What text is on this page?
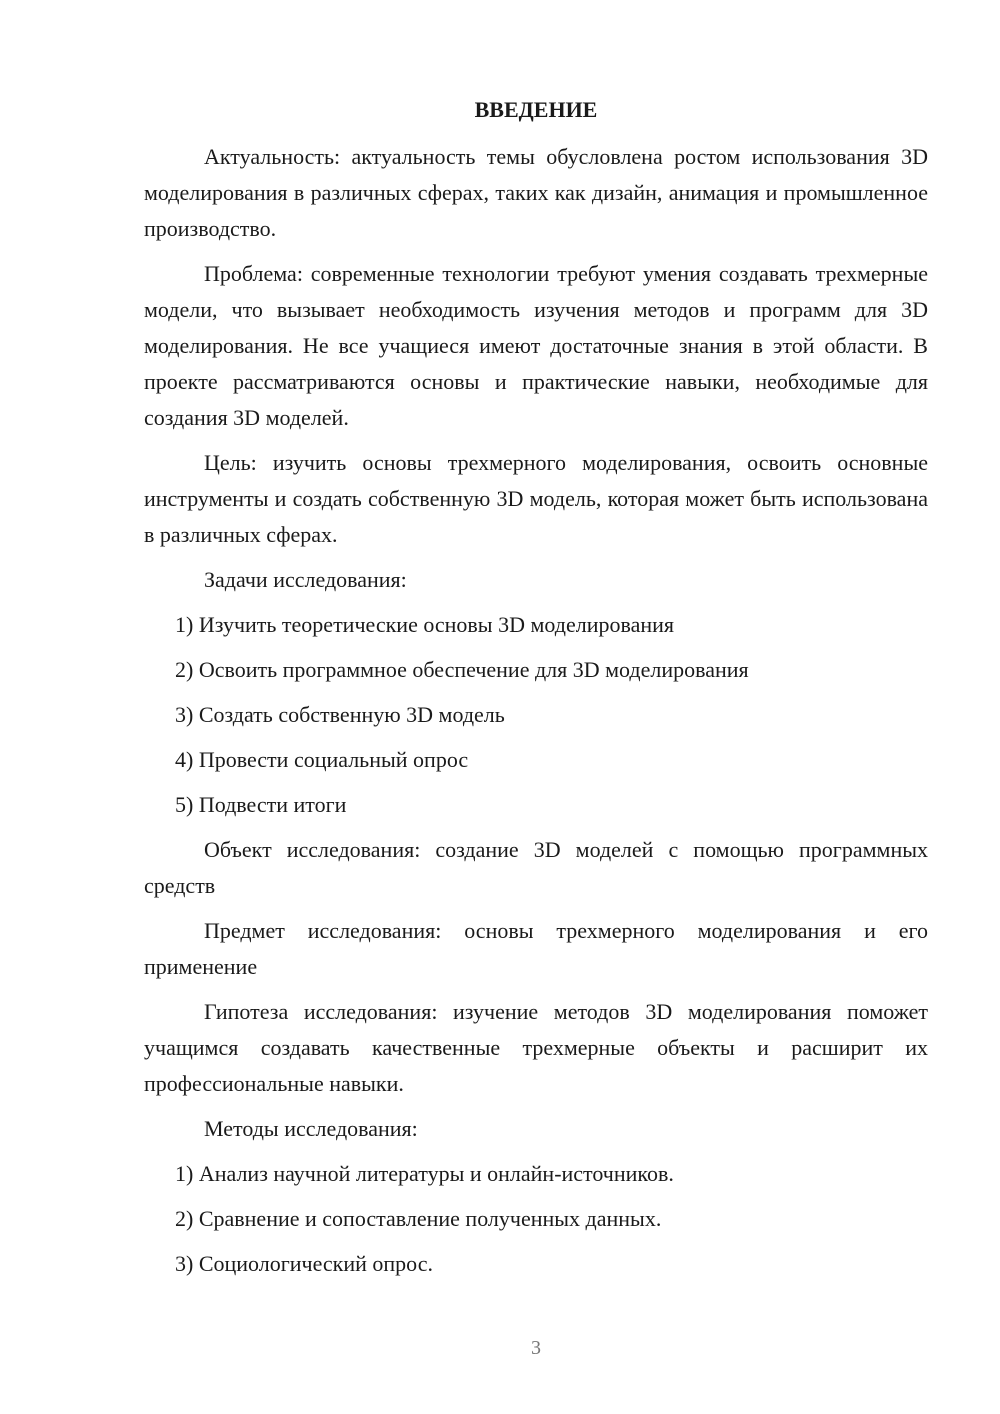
ВВЕДЕНИЕ
Актуальность: актуальность темы обусловлена ростом использования 3D моделирования в различных сферах, таких как дизайн, анимация и промышленное производство.
Проблема: современные технологии требуют умения создавать трехмерные модели, что вызывает необходимость изучения методов и программ для 3D моделирования. Не все учащиеся имеют достаточные знания в этой области. В проекте рассматриваются основы и практические навыки, необходимые для создания 3D моделей.
Цель: изучить основы трехмерного моделирования, освоить основные инструменты и создать собственную 3D модель, которая может быть использована в различных сферах.
Задачи исследования:
1) Изучить теоретические основы 3D моделирования
2) Освоить программное обеспечение для 3D моделирования
3) Создать собственную 3D модель
4) Провести социальный опрос
5) Подвести итоги
Объект исследования: создание 3D моделей с помощью программных средств
Предмет исследования: основы трехмерного моделирования и его применение
Гипотеза исследования: изучение методов 3D моделирования поможет учащимся создавать качественные трехмерные объекты и расширит их профессиональные навыки.
Методы исследования:
1) Анализ научной литературы и онлайн-источников.
2) Сравнение и сопоставление полученных данных.
3) Социологический опрос.
3
